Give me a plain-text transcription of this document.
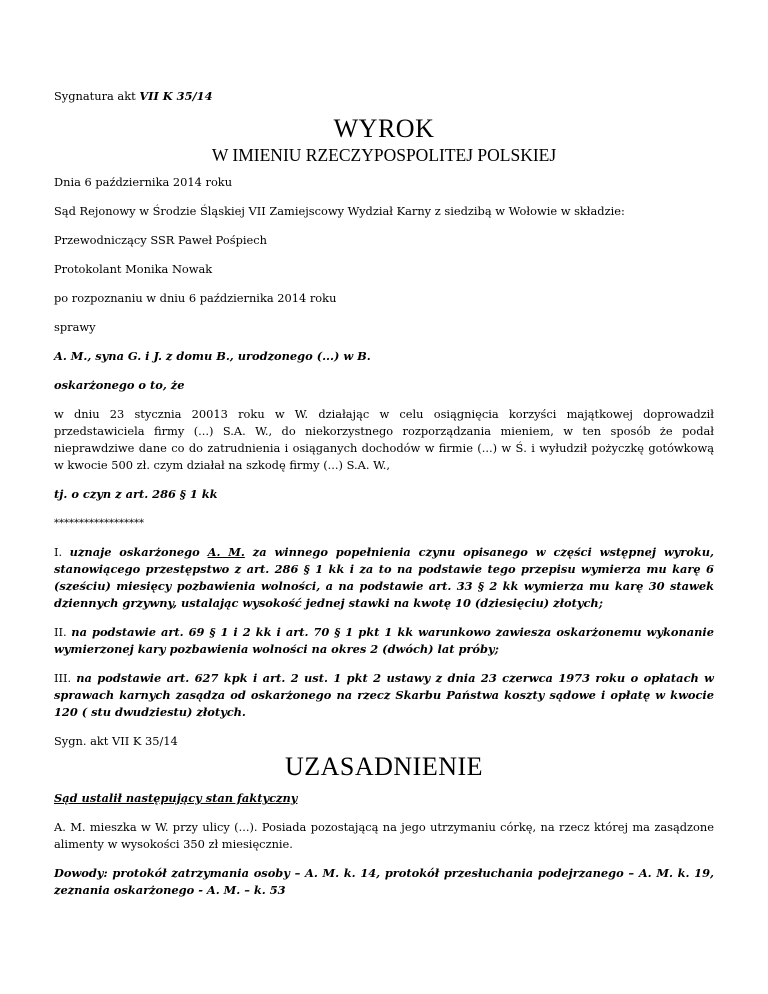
Sygnatura akt VII K 35/14

WYROK
W IMIENIU RZECZYPOSPOLITEJ POLSKIEJ

Dnia 6 października 2014 roku

Sąd Rejonowy w Środzie Śląskiej VII Zamiejscowy Wydział Karny z siedzibą w Wołowie w składzie:

Przewodniczący SSR Paweł Pośpiech

Protokolant Monika Nowak

po rozpoznaniu w dniu 6 października 2014 roku

sprawy

A. M., syna G. i J. z domu B., urodzonego (...) w B.

oskarżonego o to, że

w dniu 23 stycznia 20013 roku w W. działając w celu osiągnięcia korzyści majątkowej doprowadził przedstawiciela firmy (...) S.A. W., do niekorzystnego rozporządzania mieniem, w ten sposób że podał nieprawdziwe dane co do zatrudnienia i osiąganych dochodów w firmie (...) w Ś. i wyłudził pożyczkę gotówkową w kwocie 500 zł. czym działał na szkodę firmy (...) S.A. W.,

tj. o czyn z art. 286 § 1 kk

******************

I. uznaje oskarżonego A. M. za winnego popełnienia czynu opisanego w części wstępnej wyroku, stanowiącego przestępstwo z art. 286 § 1 kk i za to na podstawie tego przepisu wymierza mu karę 6 (sześciu) miesięcy pozbawienia wolności, a na podstawie art. 33 § 2 kk wymierza mu karę 30 stawek dziennych grzywny, ustalając wysokość jednej stawki na kwotę 10 (dziesięciu) złotych;

II. na podstawie art. 69 § 1 i 2 kk i art. 70 § 1 pkt 1 kk warunkowo zawiesza oskarżonemu wykonanie wymierzonej kary pozbawienia wolności na okres 2 (dwóch) lat próby;

III. na podstawie art. 627 kpk i art. 2 ust. 1 pkt 2 ustawy z dnia 23 czerwca 1973 roku o opłatach w sprawach karnych zasądza od oskarżonego na rzecz Skarbu Państwa koszty sądowe i opłatę w kwocie 120 ( stu dwudziestu) złotych.

Sygn. akt VII K 35/14

UZASADNIENIE

Sąd ustalił następujący stan faktyczny

A. M. mieszka w W. przy ulicy (...). Posiada pozostającą na jego utrzymaniu córkę, na rzecz której ma zasądzone alimenty w wysokości 350 zł miesięcznie.

Dowody: protokół zatrzymania osoby – A. M. k. 14, protokół przesłuchania podejrzanego – A. M. k. 19, zeznania oskarżonego - A. M. – k. 53
